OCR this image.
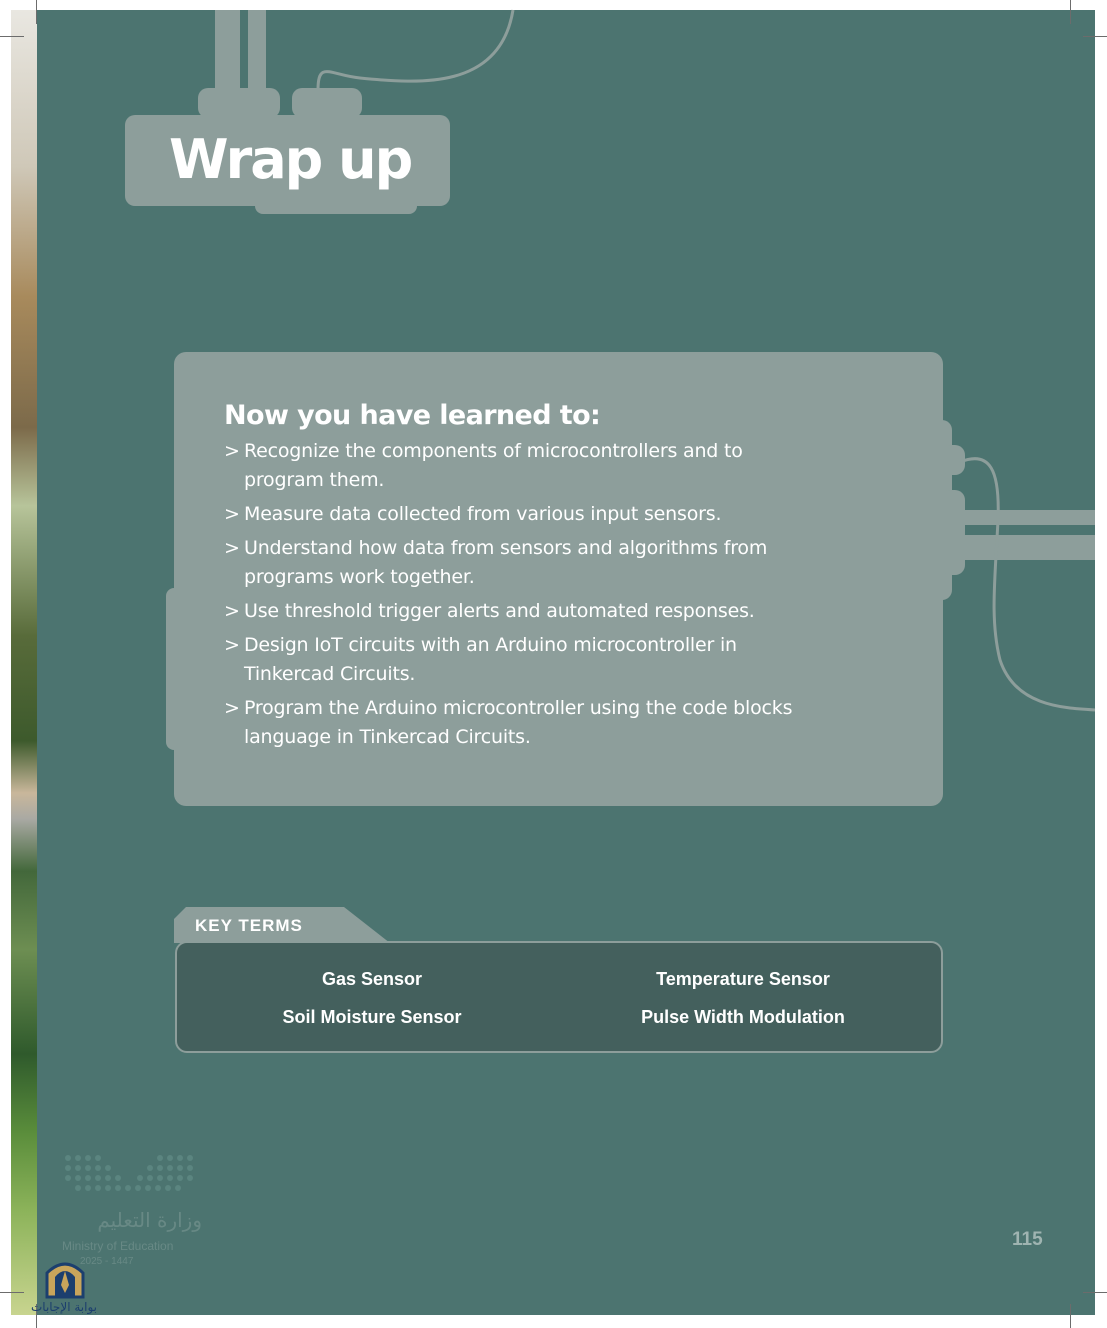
Wrap up
Now you have learned to:
> Recognize the components of microcontrollers and to program them.
> Measure data collected from various input sensors.
> Understand how data from sensors and algorithms from programs work together.
> Use threshold trigger alerts and automated responses.
> Design IoT circuits with an Arduino microcontroller in Tinkercad Circuits.
> Program the Arduino microcontroller using the code blocks language in Tinkercad Circuits.
KEY TERMS
Gas Sensor	Temperature Sensor
Soil Moisture Sensor	Pulse Width Modulation
وزارة التعليم
Ministry of Education
2025 - 1447
بوابة الإجابات
115
